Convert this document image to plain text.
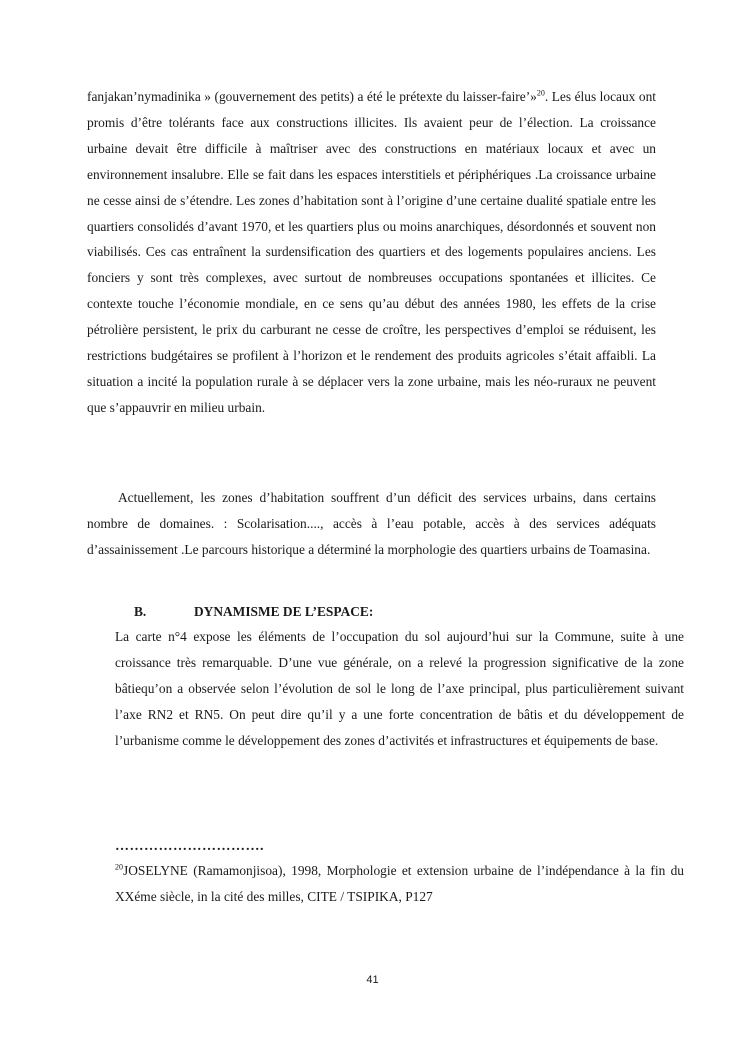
fanjakan’nymadinika » (gouvernement des petits) a été le prétexte du laisser-faire’»$^{20}$. Les élus locaux ont promis d’être tolérants face aux constructions illicites. Ils avaient peur de l’élection. La croissance urbaine devait être difficile à maîtriser avec des constructions en matériaux locaux et avec un environnement insalubre. Elle se fait dans les espaces interstitiels et périphériques .La croissance urbaine ne cesse ainsi de s’étendre. Les zones d’habitation sont à l’origine d’une certaine dualité spatiale entre les quartiers consolidés d’avant 1970, et les quartiers plus ou moins anarchiques, désordonnés et souvent non viabilisés. Ces cas entraînent la surdensification des quartiers et des logements populaires anciens. Les fonciers y sont très complexes, avec surtout de nombreuses occupations spontanées et illicites. Ce contexte touche l’économie mondiale, en ce sens qu’au début des années 1980, les effets de la crise pétrolière persistent, le prix du carburant ne cesse de croître, les perspectives d’emploi se réduisent, les restrictions budgétaires se profilent à l’horizon et le rendement des produits agricoles s’était affaibli. La situation a incité la population rurale à se déplacer vers la zone urbaine, mais les néo-ruraux ne peuvent que s’appauvrir en milieu urbain.

Actuellement, les zones d’habitation souffrent d’un déficit des services urbains, dans certains nombre de domaines. : Scolarisation...., accès à l’eau potable, accès à des services adéquats d’assainissement .Le parcours historique a déterminé la morphologie des quartiers urbains de Toamasina.

B.	DYNAMISME DE L’ESPACE:

La carte n°4 expose les éléments de l’occupation du sol aujourd’hui sur la Commune, suite à une croissance très remarquable. D’une vue générale, on a relevé la progression significative de la zone bâtiequ’on a observée selon l’évolution de sol le long de l’axe principal, plus particulièrement suivant l’axe RN2 et RN5. On peut dire qu’il y a une forte concentration de bâtis et du développement de l’urbanisme comme le développement des zones d’activités et infrastructures et équipements de base.

………………………….

$^{20}$JOSELYNE (Ramamonjisoa), 1998, Morphologie et extension urbaine de l’indépendance à la fin du XXéme siècle, in la cité des milles, CITE / TSIPIKA, P127

41
